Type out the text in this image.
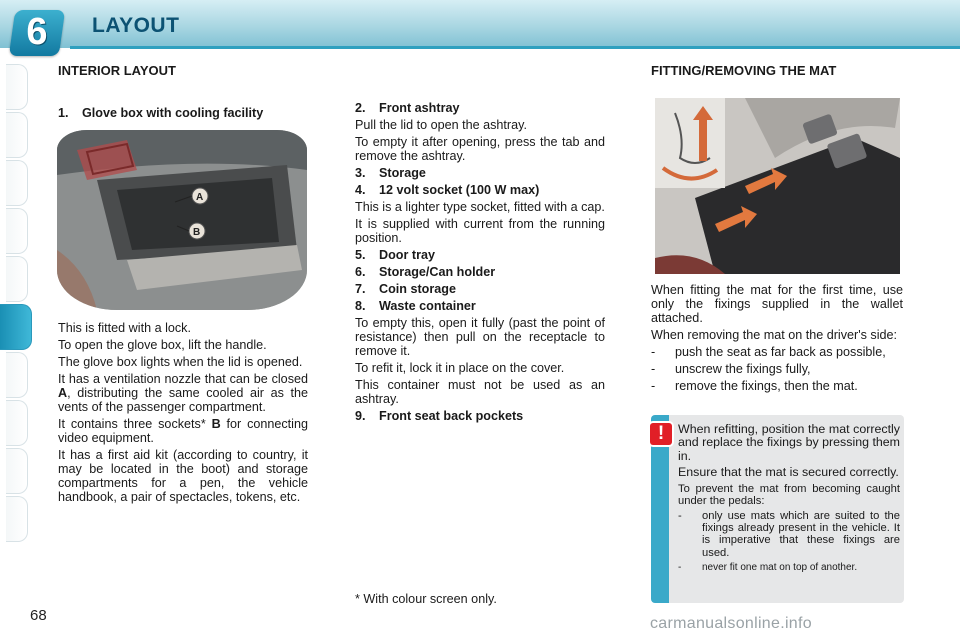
6	LAYOUT
INTERIOR LAYOUT	FITTING/REMOVING THE MAT
1. Glove box with cooling facility
A
B

This is fitted with a lock.

To open the glove box, lift the handle.

The glove box lights when the lid is opened.

It has a ventilation nozzle that can be closed A, distributing the same cooled air as the vents of the passenger compartment.

It contains three sockets* B for connecting video equipment.

It has a first aid kit (according to country, it may be located in the boot) and storage compartments for a pen, the vehicle handbook, a pair of spectacles, tokens, etc.

2. Front ashtray

Pull the lid to open the ashtray.

To empty it after opening, press the tab and remove the ashtray.

3. Storage
4. 12 volt socket (100 W max)

This is a lighter type socket, fitted with a cap.

It is supplied with current from the running position.

5. Door tray
6. Storage/Can holder
7. Coin storage
8. Waste container

To empty this, open it fully (past the point of resistance) then pull on the receptacle to remove it.

To refit it, lock it in place on the cover.

This container must not be used as an ashtray.

9. Front seat back pockets
* With colour screen only.

When fitting the mat for the first time, use only the fixings supplied in the wallet attached.

When removing the mat on the driver's side:

- push the seat as far back as possible,
- unscrew the fixings fully,
- remove the fixings, then the mat.
!	When refitting, position the mat correctly and replace the fixings by pressing them in.

Ensure that the mat is secured correctly.

To prevent the mat from becoming caught under the pedals:

- only use mats which are suited to the fixings already present in the vehicle. It is imperative that these fixings are used.
- never fit one mat on top of another.
68	carmanualsonline.info
